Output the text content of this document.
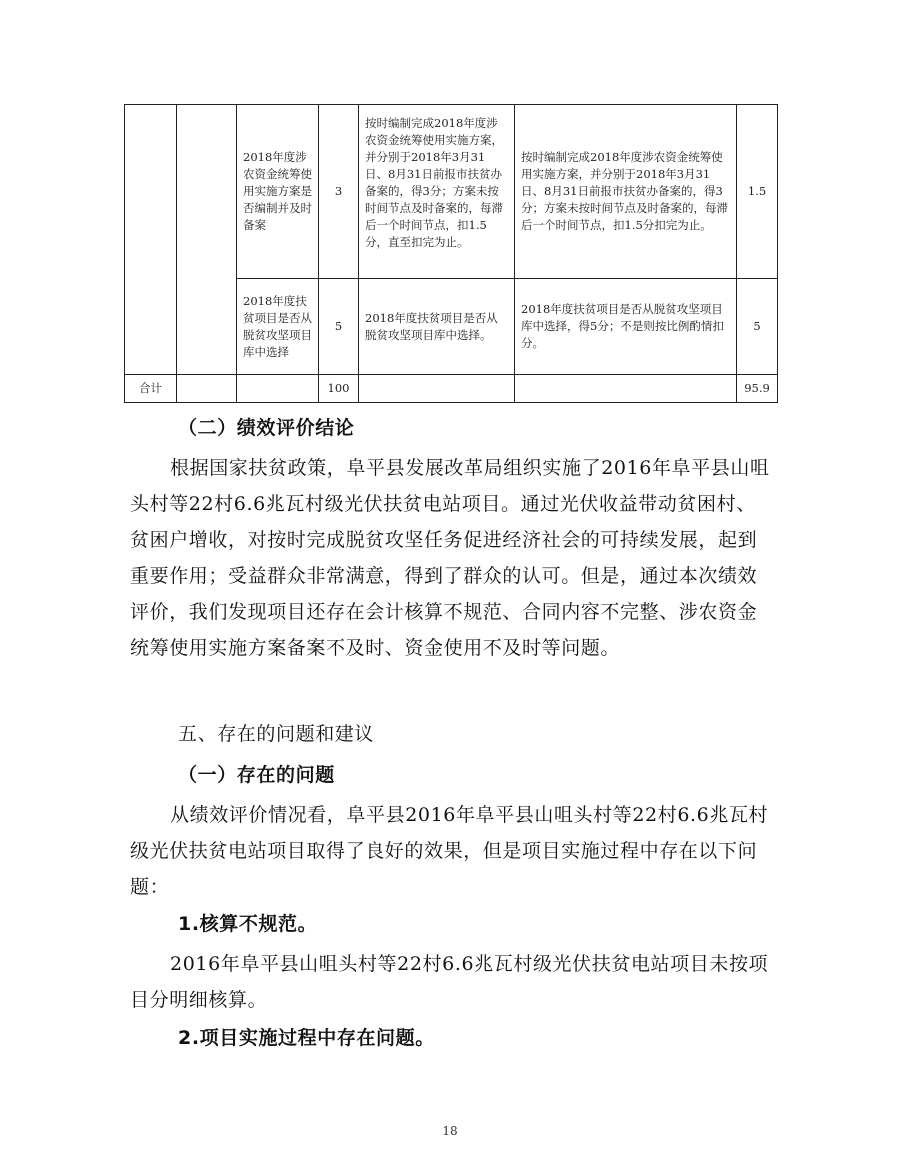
		2018年度涉农资金统筹使用实施方案是否编制并及时备案	3	按时编制完成2018年度涉农资金统筹使用实施方案，并分别于2018年3月31日、8月31日前报市扶贫办备案的，得3分；方案未按时间节点及时备案的，每滞后一个时间节点，扣1.5分，直至扣完为止。	按时编制完成2018年度涉农资金统筹使用实施方案，并分别于2018年3月31日、8月31日前报市扶贫办备案的，得3分；方案未按时间节点及时备案的，每滞后一个时间节点，扣1.5分扣完为止。	1.5
		2018年度扶贫项目是否从脱贫攻坚项目库中选择	5	2018年度扶贫项目是否从脱贫攻坚项目库中选择。	2018年度扶贫项目是否从脱贫攻坚项目库中选择，得5分；不是则按比例酌情扣分。	5
合计			100			95.9

（二）绩效评价结论

根据国家扶贫政策，阜平县发展改革局组织实施了2016年阜平县山咀头村等22村6.6兆瓦村级光伏扶贫电站项目。通过光伏收益带动贫困村、贫困户增收，对按时完成脱贫攻坚任务促进经济社会的可持续发展，起到重要作用；受益群众非常满意，得到了群众的认可。但是，通过本次绩效评价，我们发现项目还存在会计核算不规范、合同内容不完整、涉农资金统筹使用实施方案备案不及时、资金使用不及时等问题。

五、存在的问题和建议

（一）存在的问题

从绩效评价情况看，阜平县2016年阜平县山咀头村等22村6.6兆瓦村级光伏扶贫电站项目取得了良好的效果，但是项目实施过程中存在以下问题：

1.核算不规范。

2016年阜平县山咀头村等22村6.6兆瓦村级光伏扶贫电站项目未按项目分明细核算。

2.项目实施过程中存在问题。

18
